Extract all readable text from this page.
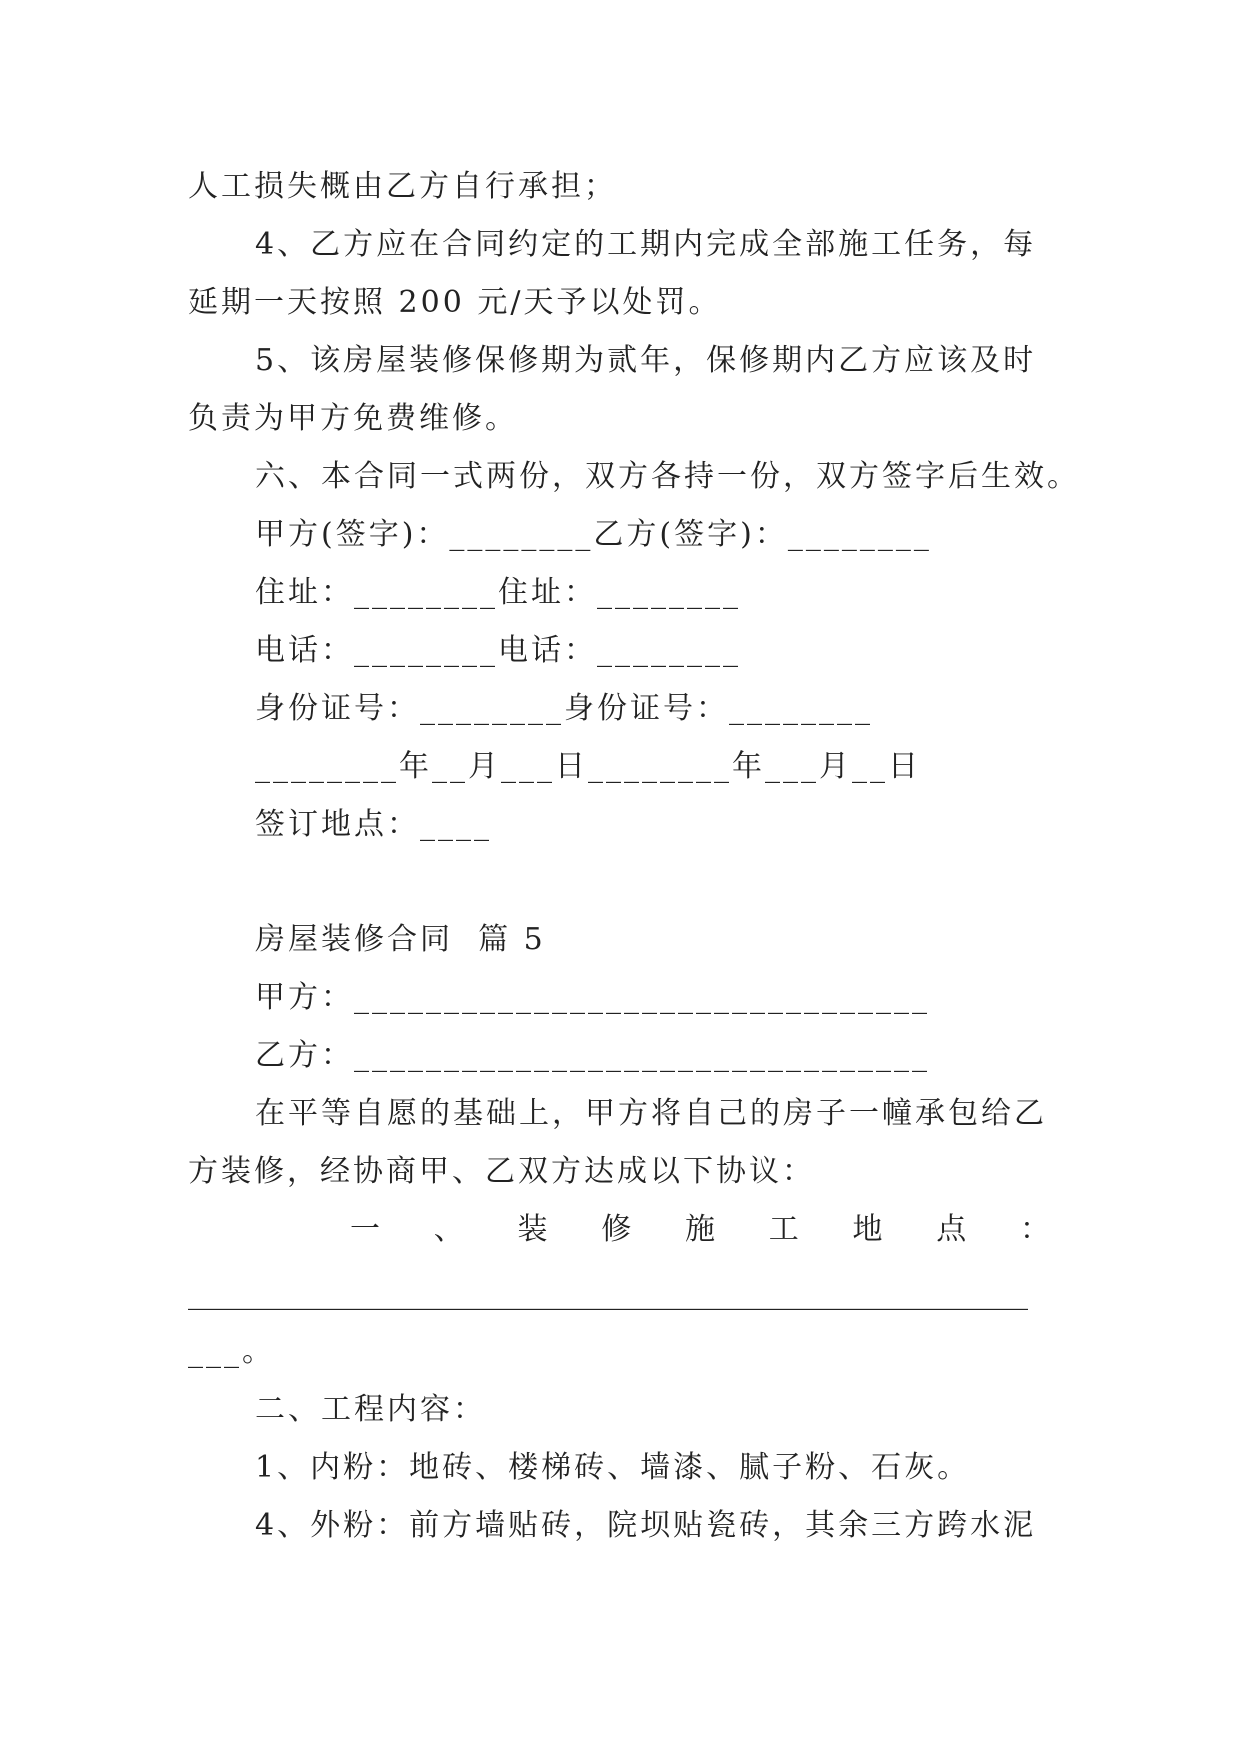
人工损失概由乙方自行承担；
4、乙方应在合同约定的工期内完成全部施工任务，每
延期一天按照 200 元/天予以处罚。
5、该房屋装修保修期为贰年，保修期内乙方应该及时
负责为甲方免费维修。
六、本合同一式两份，双方各持一份，双方签字后生效。
甲方(签字)：________乙方(签字)：________
住址：________住址：________
电话：________电话：________
身份证号：________身份证号：________
________年__月___日________年___月__日
签订地点：____
房屋装修合同  篇 5
甲方：________________________________
乙方：________________________________
在平等自愿的基础上，甲方将自己的房子一幢承包给乙
方装修，经协商甲、乙双方达成以下协议：
一 、 装 修 施 工 地 点 ：
________________________________________________________
___。
二、工程内容：
1、内粉：地砖、楼梯砖、墙漆、腻子粉、石灰。
4、外粉：前方墙贴砖，院坝贴瓷砖，其余三方跨水泥
